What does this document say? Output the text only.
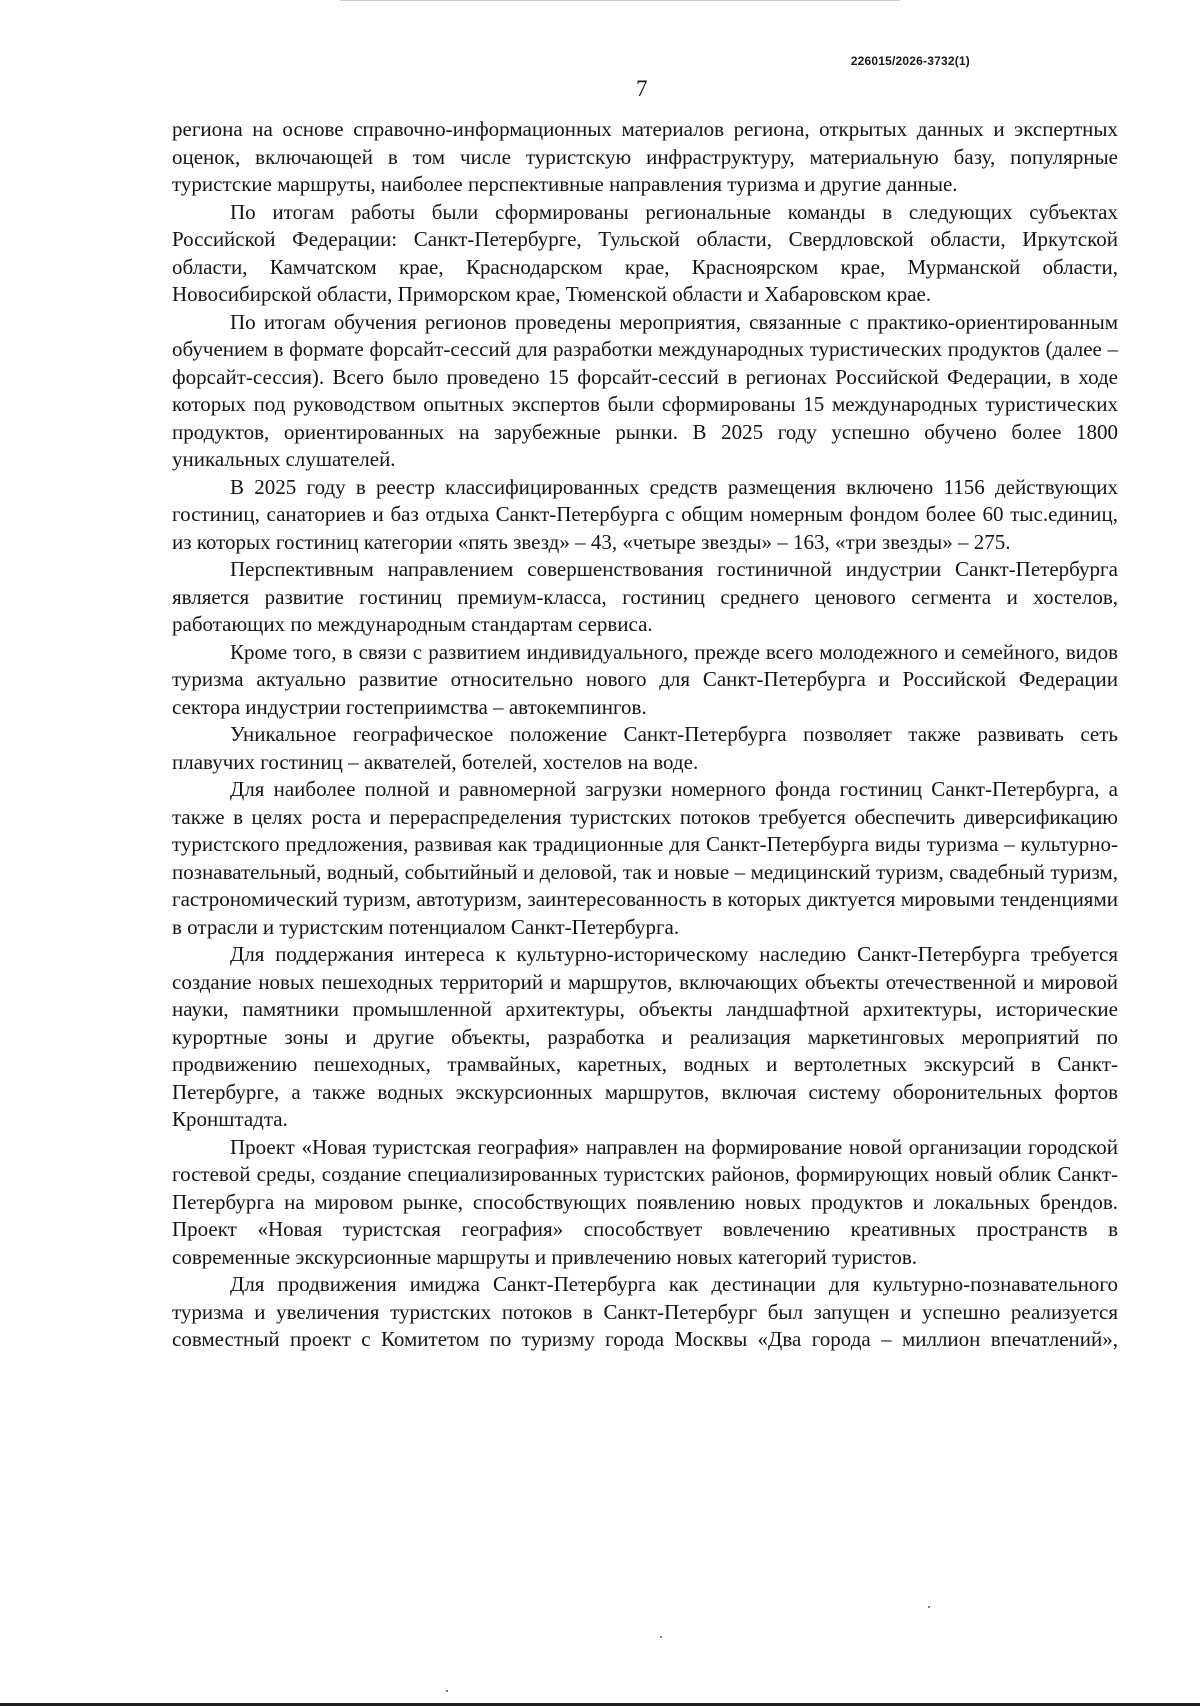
226015/2026-3732(1)
7

региона на основе справочно-информационных материалов региона, открытых данных и экспертных оценок, включающей в том числе туристскую инфраструктуру, материальную базу, популярные туристские маршруты, наиболее перспективные направления туризма и другие данные.

По итогам работы были сформированы региональные команды в следующих субъектах Российской Федерации: Санкт-Петербурге, Тульской области, Свердловской области, Иркутской области, Камчатском крае, Краснодарском крае, Красноярском крае, Мурманской области, Новосибирской области, Приморском крае, Тюменской области и Хабаровском крае.

По итогам обучения регионов проведены мероприятия, связанные с практико-ориентированным обучением в формате форсайт-сессий для разработки международных туристических продуктов (далее – форсайт-сессия). Всего было проведено 15 форсайт-сессий в регионах Российской Федерации, в ходе которых под руководством опытных экспертов были сформированы 15 международных туристических продуктов, ориентированных на зарубежные рынки. В 2025 году успешно обучено более 1800 уникальных слушателей.

В 2025 году в реестр классифицированных средств размещения включено 1156 действующих гостиниц, санаториев и баз отдыха Санкт-Петербурга с общим номерным фондом более 60 тыс.единиц, из которых гостиниц категории «пять звезд» – 43, «четыре звезды» – 163, «три звезды» – 275.

Перспективным направлением совершенствования гостиничной индустрии Санкт-Петербурга является развитие гостиниц премиум-класса, гостиниц среднего ценового сегмента и хостелов, работающих по международным стандартам сервиса.

Кроме того, в связи с развитием индивидуального, прежде всего молодежного и семейного, видов туризма актуально развитие относительно нового для Санкт-Петербурга и Российской Федерации сектора индустрии гостеприимства – автокемпингов.

Уникальное географическое положение Санкт-Петербурга позволяет также развивать сеть плавучих гостиниц – аквателей, ботелей, хостелов на воде.

Для наиболее полной и равномерной загрузки номерного фонда гостиниц Санкт-Петербурга, а также в целях роста и перераспределения туристских потоков требуется обеспечить диверсификацию туристского предложения, развивая как традиционные для Санкт-Петербурга виды туризма – культурно-познавательный, водный, событийный и деловой, так и новые – медицинский туризм, свадебный туризм, гастрономический туризм, автотуризм, заинтересованность в которых диктуется мировыми тенденциями в отрасли и туристским потенциалом Санкт-Петербурга.

Для поддержания интереса к культурно-историческому наследию Санкт-Петербурга требуется создание новых пешеходных территорий и маршрутов, включающих объекты отечественной и мировой науки, памятники промышленной архитектуры, объекты ландшафтной архитектуры, исторические курортные зоны и другие объекты, разработка и реализация маркетинговых мероприятий по продвижению пешеходных, трамвайных, каретных, водных и вертолетных экскурсий в Санкт-Петербурге, а также водных экскурсионных маршрутов, включая систему оборонительных фортов Кронштадта.

Проект «Новая туристская география» направлен на формирование новой организации городской гостевой среды, создание специализированных туристских районов, формирующих новый облик Санкт-Петербурга на мировом рынке, способствующих появлению новых продуктов и локальных брендов. Проект «Новая туристская география» способствует вовлечению креативных пространств в современные экскурсионные маршруты и привлечению новых категорий туристов.

Для продвижения имиджа Санкт-Петербурга как дестинации для культурно-познавательного туризма и увеличения туристских потоков в Санкт-Петербург был запущен и успешно реализуется совместный проект с Комитетом по туризму города Москвы «Два города – миллион впечатлений»,
